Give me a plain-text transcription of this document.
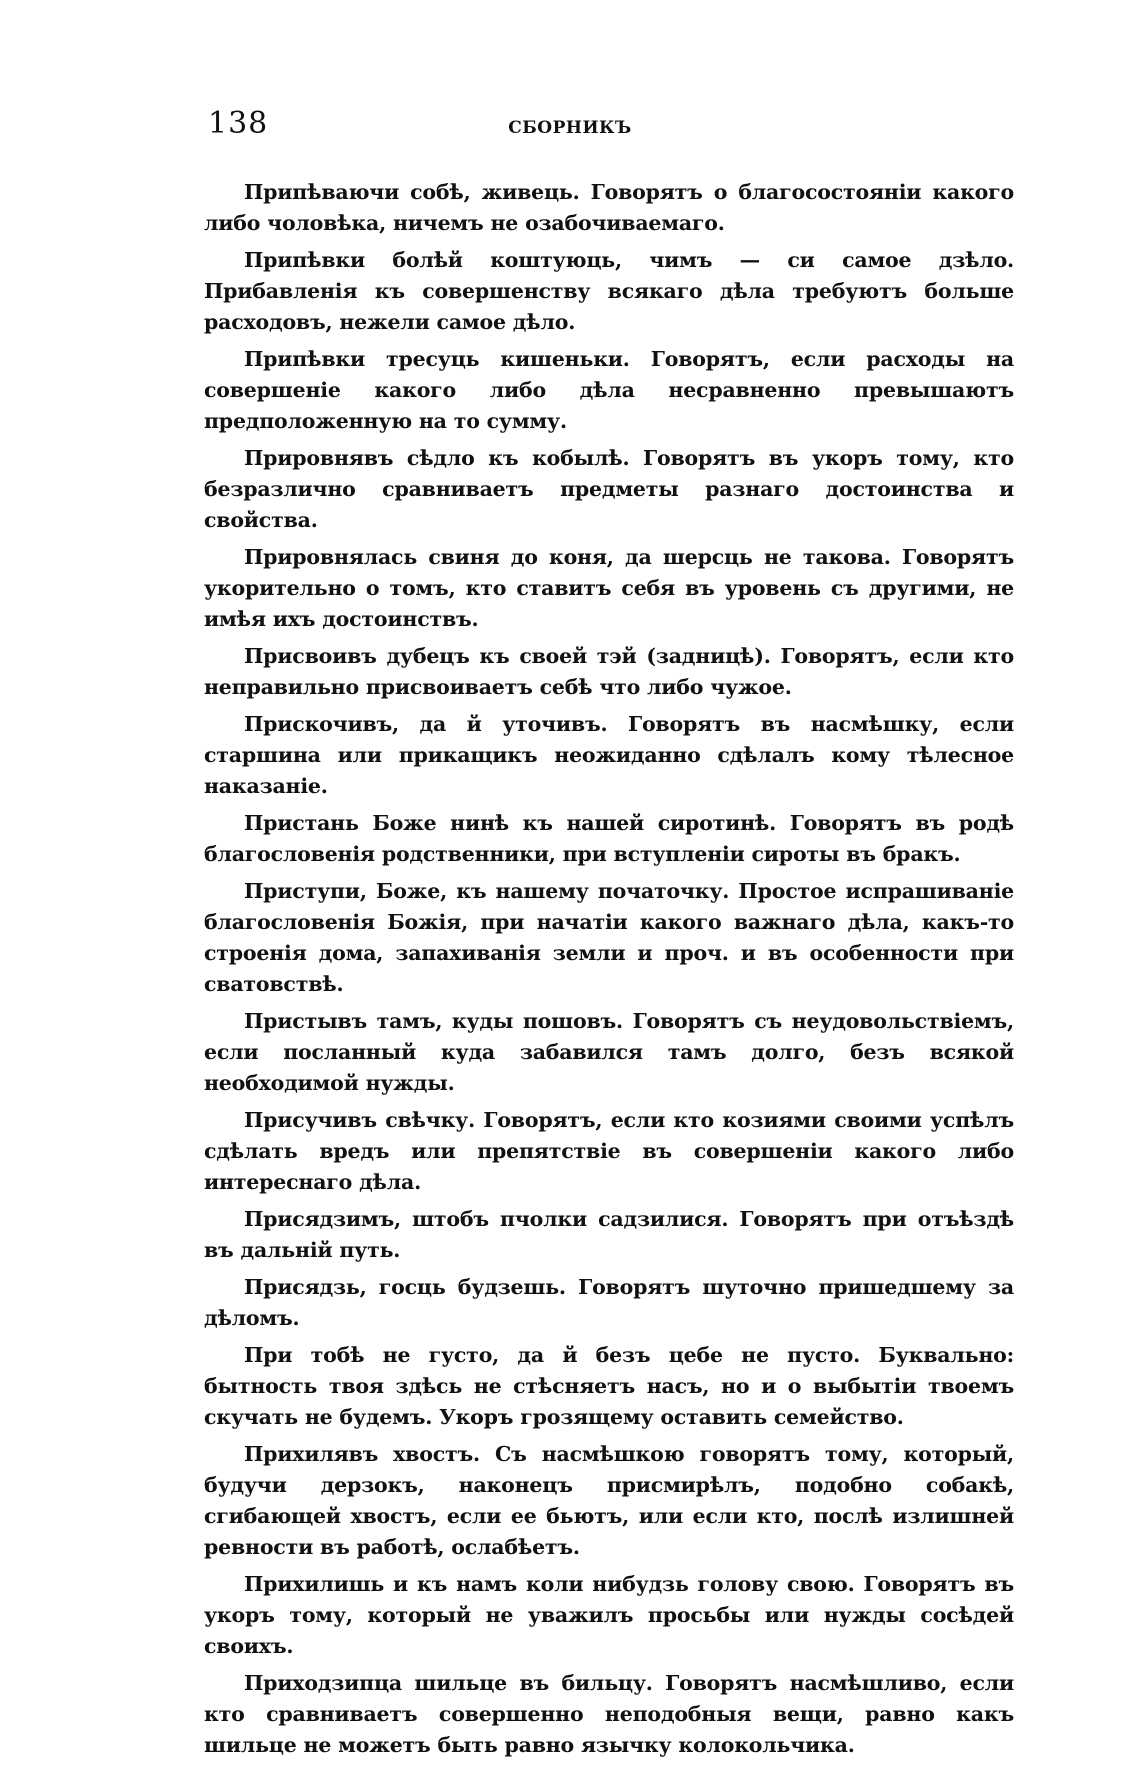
138	СБОРНИКЪ

Припѣваючи собѣ, живець. Говорятъ о благосостояніи какого либо чоловѣка, ничемъ не озабочиваемаго.

Припѣвки болѣй коштуюць, чимъ — си самое дзѣло. Прибавленія къ совершенству всякаго дѣла требуютъ больше расходовъ, нежели самое дѣло.

Припѣвки тресуць кишеньки. Говорятъ, если расходы на совершеніе какого либо дѣла несравненно превышаютъ предположенную на то сумму.

Прировнявъ сѣдло къ кобылѣ. Говорятъ въ укоръ тому, кто безразлично сравниваетъ предметы разнаго достоинства и свойства.

Прировнялась свиня до коня, да шерсць не такова. Говорятъ укорительно о томъ, кто ставитъ себя въ уровень съ другими, не имѣя ихъ достоинствъ.

Присвоивъ дубецъ къ своей тэй (задницѣ). Говорятъ, если кто неправильно присвоиваетъ себѣ что либо чужое.

Прискочивъ, да й уточивъ. Говорятъ въ насмѣшку, если старшина или прикащикъ неожиданно сдѣлалъ кому тѣлесное наказаніе.

Пристань Боже нинѣ къ нашей сиротинѣ. Говорятъ въ родѣ благословенія родственники, при вступленіи сироты въ бракъ.

Приступи, Боже, къ нашему початочку. Простое испрашиваніе благословенія Божія, при начатіи какого важнаго дѣла, какъ-то строенія дома, запахиванія земли и проч. и въ особенности при сватовствѣ.

Пристывъ тамъ, куды пошовъ. Говорятъ съ неудовольствіемъ, если посланный куда забавился тамъ долго, безъ всякой необходимой нужды.

Присучивъ свѣчку. Говорятъ, если кто козиями своими успѣлъ сдѣлать вредъ или препятствіе въ совершеніи какого либо интереснаго дѣла.

Присядзимъ, штобъ пчолки садзилися. Говорятъ при отъѣздѣ въ дальній путь.

Присядзь, госць будзешь. Говорятъ шуточно пришедшему за дѣломъ.

При тобѣ не густо, да й безъ цебе не пусто. Буквально: бытность твоя здѣсь не стѣсняетъ насъ, но и о выбытіи твоемъ скучать не будемъ. Укоръ грозящему оставить семейство.

Прихилявъ хвостъ. Съ насмѣшкою говорятъ тому, который, будучи дерзокъ, наконецъ присмирѣлъ, подобно собакѣ, сгибающей хвостъ, если ее бьютъ, или если кто, послѣ излишней ревности въ работѣ, ослабѣетъ.

Прихилишь и къ намъ коли нибудзь голову свою. Говорятъ въ укоръ тому, который не уважилъ просьбы или нужды сосѣдей своихъ.

Приходзипца шильце въ бильцу. Говорятъ насмѣшливо, если кто сравниваетъ совершенно неподобныя вещи, равно какъ шильце не можетъ быть равно язычку колокольчика.
